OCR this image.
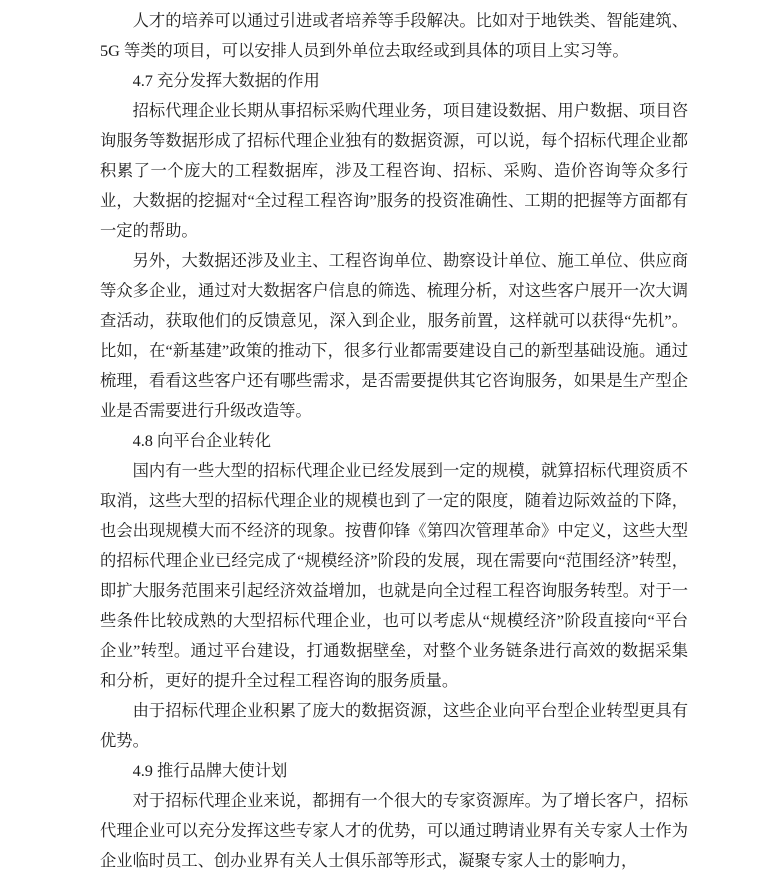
人才的培养可以通过引进或者培养等手段解决。比如对于地铁类、智能建筑、5G 等类的项目，可以安排人员到外单位去取经或到具体的项目上实习等。

4.7 充分发挥大数据的作用

招标代理企业长期从事招标采购代理业务，项目建设数据、用户数据、项目咨询服务等数据形成了招标代理企业独有的数据资源，可以说，每个招标代理企业都积累了一个庞大的工程数据库，涉及工程咨询、招标、采购、造价咨询等众多行业，大数据的挖掘对“全过程工程咨询”服务的投资准确性、工期的把握等方面都有一定的帮助。

另外，大数据还涉及业主、工程咨询单位、勘察设计单位、施工单位、供应商等众多企业，通过对大数据客户信息的筛选、梳理分析，对这些客户展开一次大调查活动，获取他们的反馈意见，深入到企业，服务前置，这样就可以获得“先机”。比如，在“新基建”政策的推动下，很多行业都需要建设自己的新型基础设施。通过梳理，看看这些客户还有哪些需求，是否需要提供其它咨询服务，如果是生产型企业是否需要进行升级改造等。

4.8 向平台企业转化

国内有一些大型的招标代理企业已经发展到一定的规模，就算招标代理资质不取消，这些大型的招标代理企业的规模也到了一定的限度，随着边际效益的下降，也会出现规模大而不经济的现象。按曹仰锋《第四次管理革命》中定义，这些大型的招标代理企业已经完成了“规模经济”阶段的发展，现在需要向“范围经济”转型，即扩大服务范围来引起经济效益增加，也就是向全过程工程咨询服务转型。对于一些条件比较成熟的大型招标代理企业，也可以考虑从“规模经济”阶段直接向“平台企业”转型。通过平台建设，打通数据壁垒，对整个业务链条进行高效的数据采集和分析，更好的提升全过程工程咨询的服务质量。

由于招标代理企业积累了庞大的数据资源，这些企业向平台型企业转型更具有优势。

4.9 推行品牌大使计划

对于招标代理企业来说，都拥有一个很大的专家资源库。为了增长客户，招标代理企业可以充分发挥这些专家人才的优势，可以通过聘请业界有关专家人士作为企业临时员工、创办业界有关人士俱乐部等形式，凝聚专家人士的影响力，
